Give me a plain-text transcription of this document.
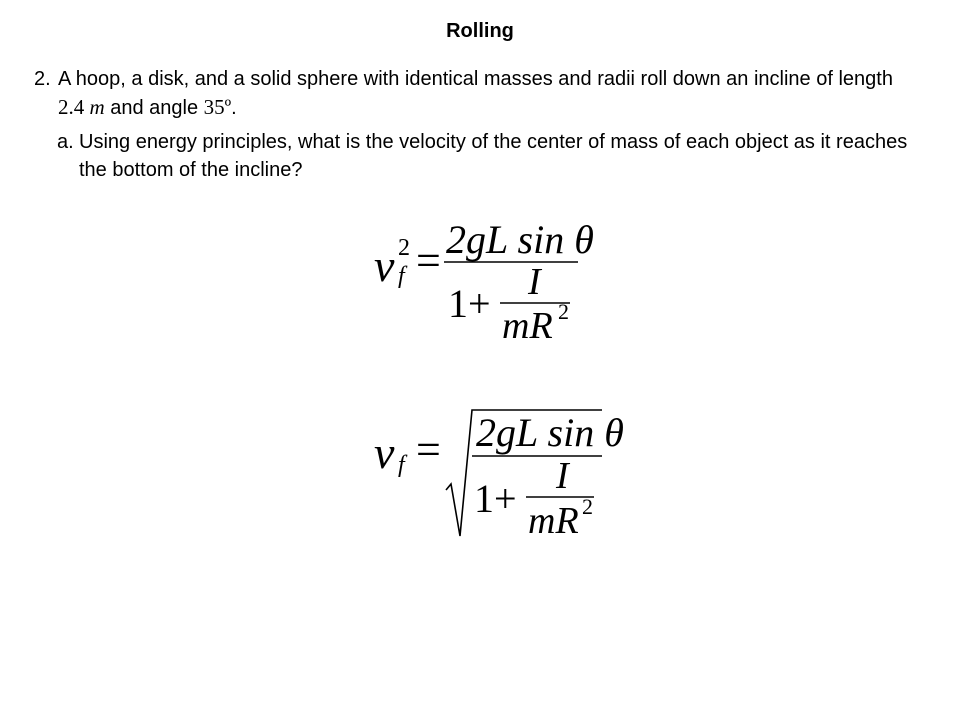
Rolling
2. A hoop, a disk, and a solid sphere with identical masses and radii roll down an incline of length 2.4 m and angle 35º.
a. Using energy principles, what is the velocity of the center of mass of each object as it reaches the bottom of the incline?
v 2
f = 2gL sin θ
1+ I
mR 2
v f = 2gL sin θ
1+ I
mR 2
